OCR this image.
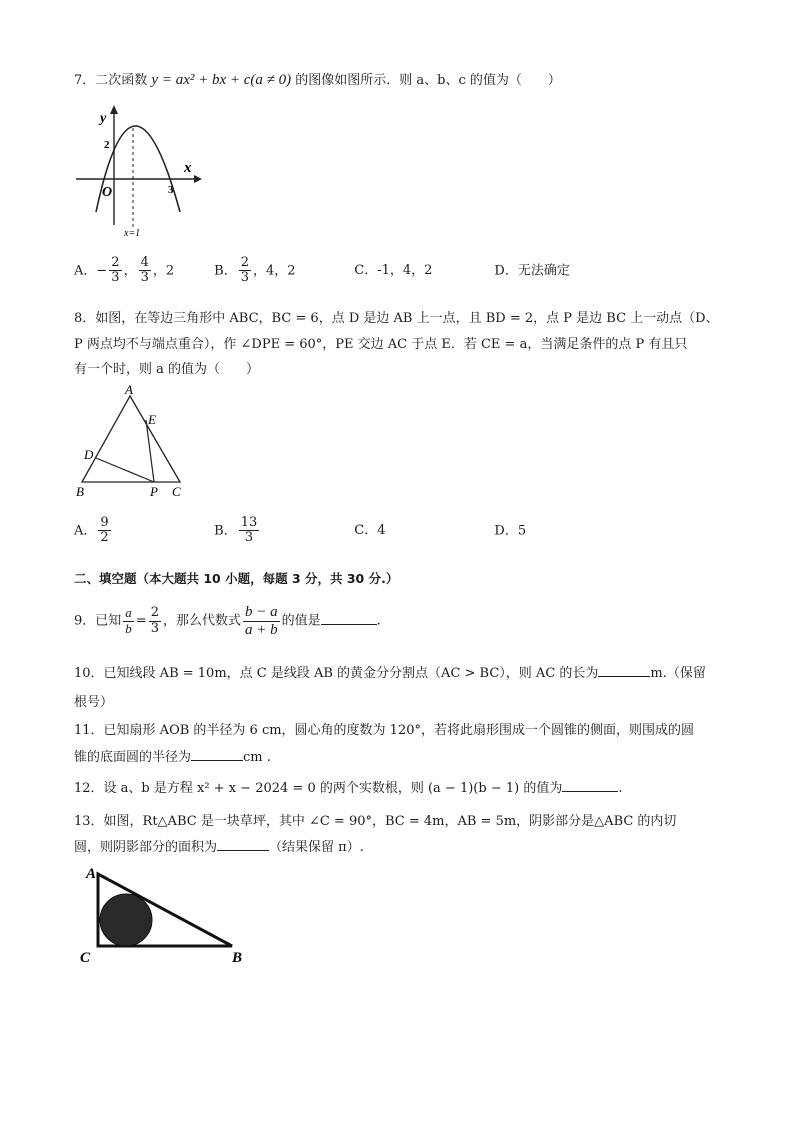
7．二次函数 y = ax² + bx + c(a ≠ 0) 的图像如图所示．则 a、b、c 的值为（　　）
y
x
O
2
3
x=1
A．− $\frac{2}{3}$ ， $\frac{4}{3}$ ，2	B． $\frac{2}{3}$ ，4，2	C．-1，4，2	D．无法确定
8．如图，在等边三角形中 ABC，BC = 6，点 D 是边 AB 上一点，且 BD = 2，点 P 是边 BC 上一动点（D、
P 两点均不与端点重合），作 ∠DPE = 60°，PE 交边 AC 于点 E．若 CE = a，当满足条件的点 P 有且只
有一个时，则 a 的值为（　　）
A
E
D
B	P C
A． $\frac{9}{2}$	B． $\frac{13}{3}$	C．4	D．5
二、填空题（本大题共 10 小题，每题 3 分，共 30 分.）
9．已知 $\frac{a}{b} = \frac{2}{3}$ ，那么代数式 $\frac{b - a}{a + b}$ 的值是	.
10．已知线段 AB = 10m，点 C 是线段 AB 的黄金分分割点（AC > BC），则 AC 的长为	m.（保留
根号）
11．已知扇形 AOB 的半径为 6 cm，圆心角的度数为 120°，若将此扇形围成一个圆锥的侧面，则围成的圆
锥的底面圆的半径为	cm .
12．设 a、b 是方程 x² + x − 2024 = 0 的两个实数根，则 (a − 1)(b − 1) 的值为	.
13．如图，Rt△ABC 是一块草坪，其中 ∠C = 90°，BC = 4m，AB = 5m，阴影部分是△ABC 的内切
圆，则阴影部分的面积为	（结果保留 π）.
A
C	B
